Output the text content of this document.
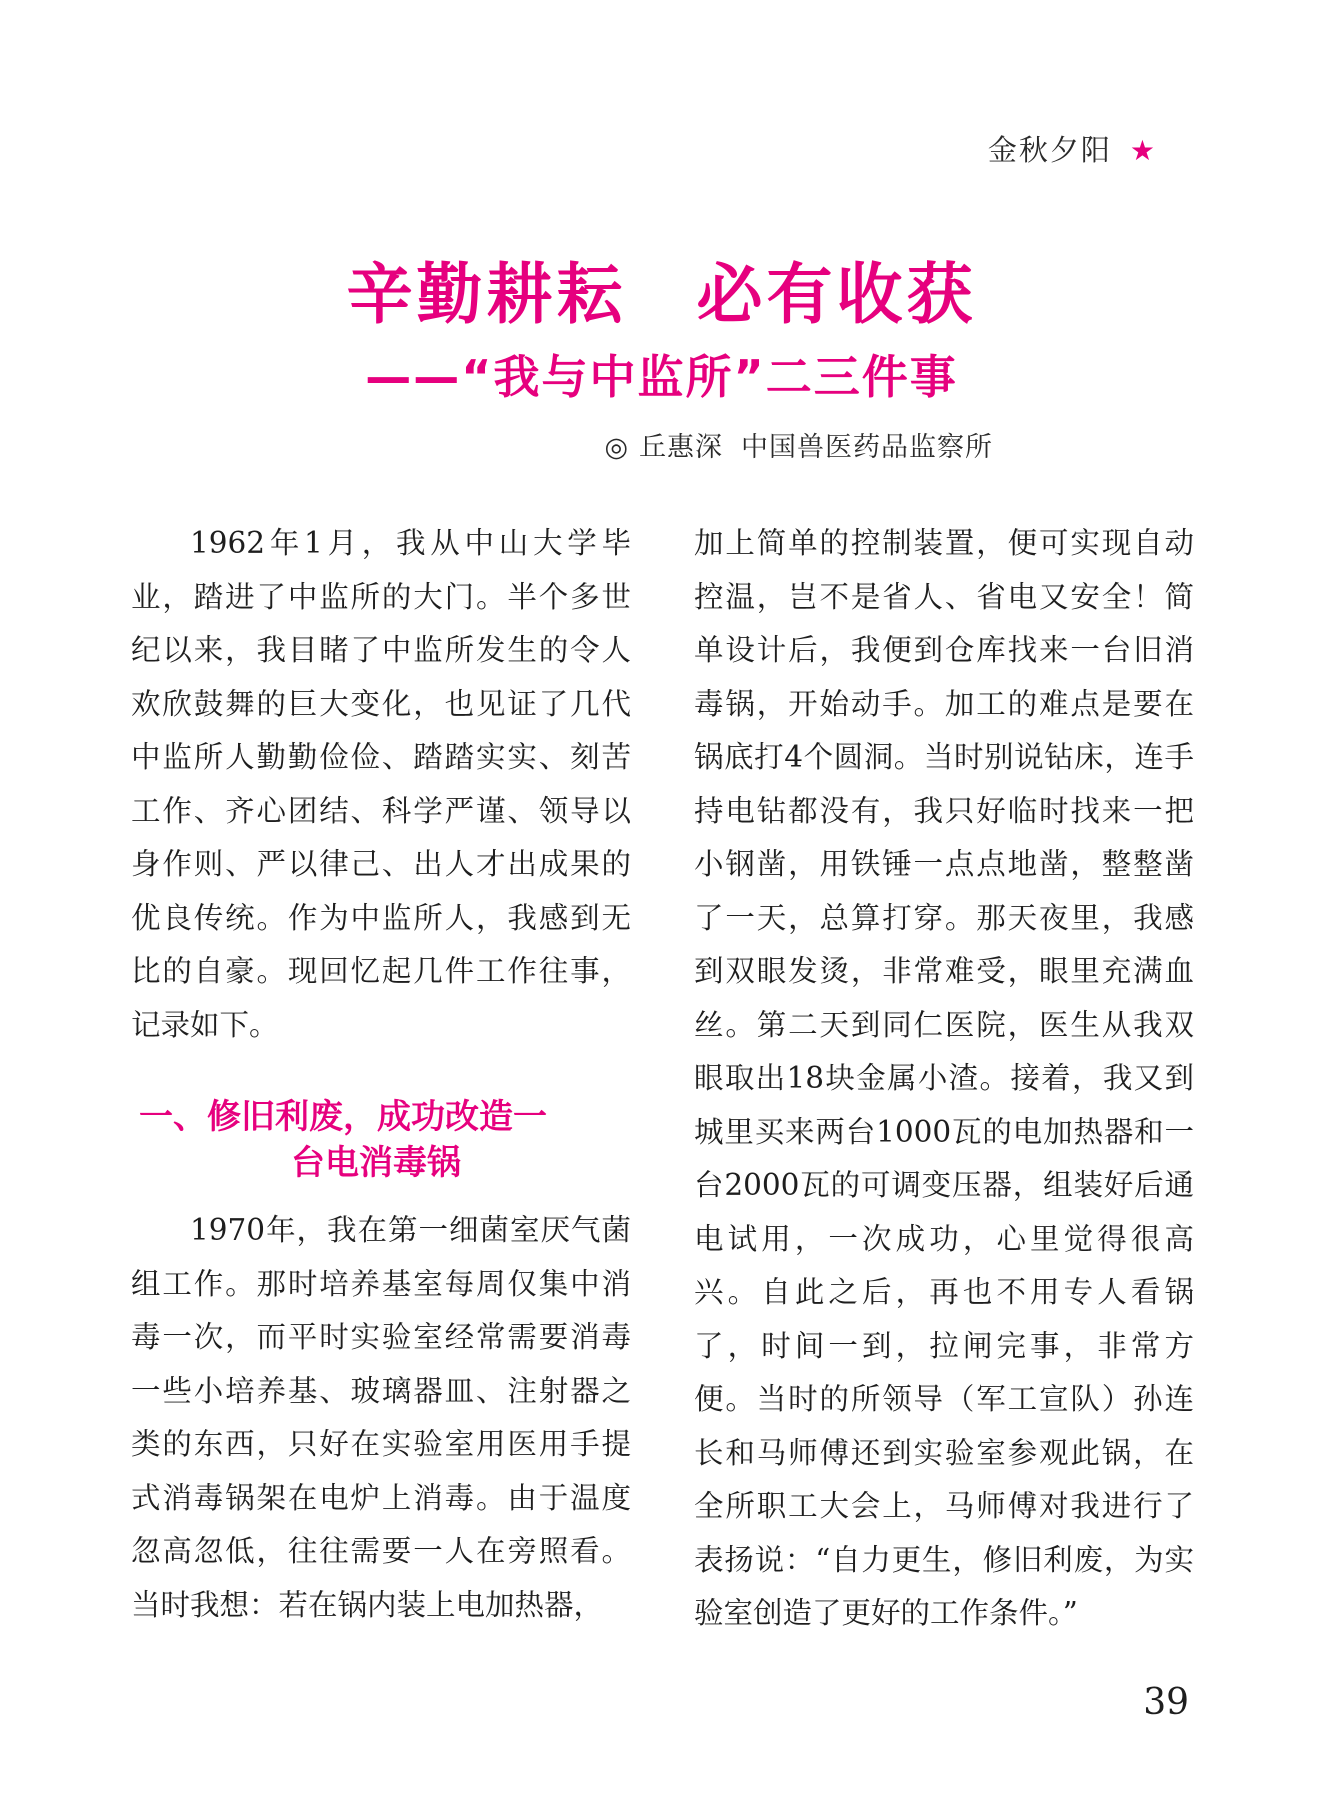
金秋夕阳 ★
辛勤耕耘　必有收获
——“我与中监所”二三件事
◎ 丘惠深 中国兽医药品监察所

1962年1月，我从中山大学毕业，踏进了中监所的大门。半个多世纪以来，我目睹了中监所发生的令人欢欣鼓舞的巨大变化，也见证了几代中监所人勤勤俭俭、踏踏实实、刻苦工作、齐心团结、科学严谨、领导以身作则、严以律己、出人才出成果的优良传统。作为中监所人，我感到无比的自豪。现回忆起几件工作往事，记录如下。

一、修旧利废，成功改造一
台电消毒锅

1970年，我在第一细菌室厌气菌组工作。那时培养基室每周仅集中消毒一次，而平时实验室经常需要消毒一些小培养基、玻璃器皿、注射器之类的东西，只好在实验室用医用手提式消毒锅架在电炉上消毒。由于温度忽高忽低，往往需要一人在旁照看。当时我想：若在锅内装上电加热器，

加上简单的控制装置，便可实现自动控温，岂不是省人、省电又安全！简单设计后，我便到仓库找来一台旧消毒锅，开始动手。加工的难点是要在锅底打4个圆洞。当时别说钻床，连手持电钻都没有，我只好临时找来一把小钢凿，用铁锤一点点地凿，整整凿了一天，总算打穿。那天夜里，我感到双眼发烫，非常难受，眼里充满血丝。第二天到同仁医院，医生从我双眼取出18块金属小渣。接着，我又到城里买来两台1000瓦的电加热器和一台2000瓦的可调变压器，组装好后通电试用，一次成功，心里觉得很高兴。自此之后，再也不用专人看锅了，时间一到，拉闸完事，非常方便。当时的所领导（军工宣队）孙连长和马师傅还到实验室参观此锅，在全所职工大会上，马师傅对我进行了表扬说：“自力更生，修旧利废，为实验室创造了更好的工作条件。”

39
